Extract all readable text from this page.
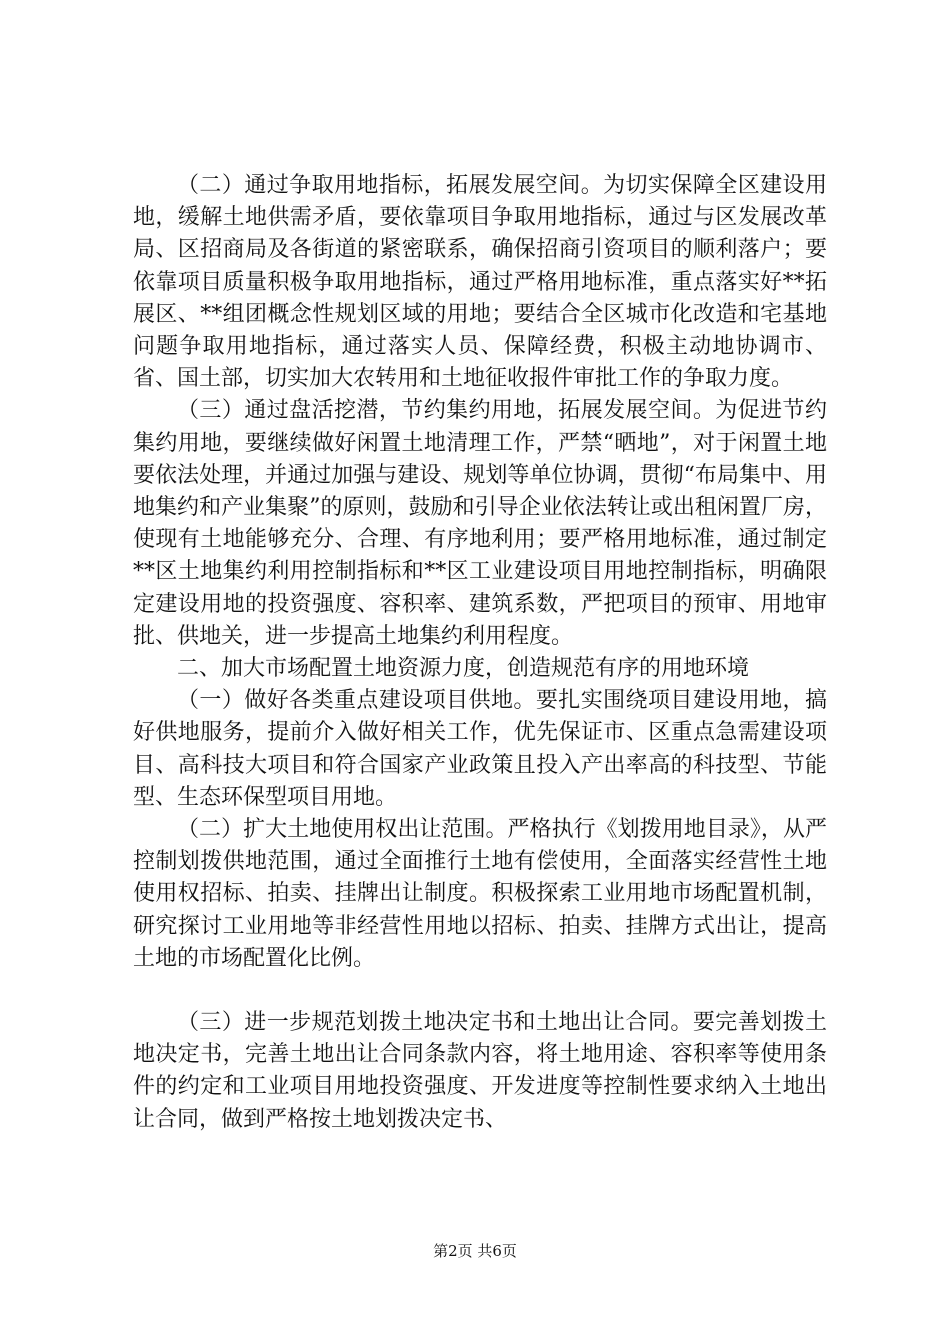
（二）通过争取用地指标，拓展发展空间。为切实保障全区建设用地，缓解土地供需矛盾，要依靠项目争取用地指标，通过与区发展改革局、区招商局及各街道的紧密联系，确保招商引资项目的顺利落户；要依靠项目质量积极争取用地指标，通过严格用地标准，重点落实好**拓展区、**组团概念性规划区域的用地；要结合全区城市化改造和宅基地问题争取用地指标，通过落实人员、保障经费，积极主动地协调市、省、国土部，切实加大农转用和土地征收报件审批工作的争取力度。

（三）通过盘活挖潜，节约集约用地，拓展发展空间。为促进节约集约用地，要继续做好闲置土地清理工作，严禁“晒地”，对于闲置土地要依法处理，并通过加强与建设、规划等单位协调，贯彻“布局集中、用地集约和产业集聚”的原则，鼓励和引导企业依法转让或出租闲置厂房，使现有土地能够充分、合理、有序地利用；要严格用地标准，通过制定**区土地集约利用控制指标和**区工业建设项目用地控制指标，明确限定建设用地的投资强度、容积率、建筑系数，严把项目的预审、用地审批、供地关，进一步提高土地集约利用程度。

二、加大市场配置土地资源力度，创造规范有序的用地环境

（一）做好各类重点建设项目供地。要扎实围绕项目建设用地，搞好供地服务，提前介入做好相关工作，优先保证市、区重点急需建设项目、高科技大项目和符合国家产业政策且投入产出率高的科技型、节能型、生态环保型项目用地。

（二）扩大土地使用权出让范围。严格执行《划拨用地目录》，从严控制划拨供地范围，通过全面推行土地有偿使用，全面落实经营性土地使用权招标、拍卖、挂牌出让制度。积极探索工业用地市场配置机制，研究探讨工业用地等非经营性用地以招标、拍卖、挂牌方式出让，提高土地的市场配置化比例。

（三）进一步规范划拨土地决定书和土地出让合同。要完善划拨土地决定书，完善土地出让合同条款内容，将土地用途、容积率等使用条件的约定和工业项目用地投资强度、开发进度等控制性要求纳入土地出让合同，做到严格按土地划拨决定书、

第2页 共6页
